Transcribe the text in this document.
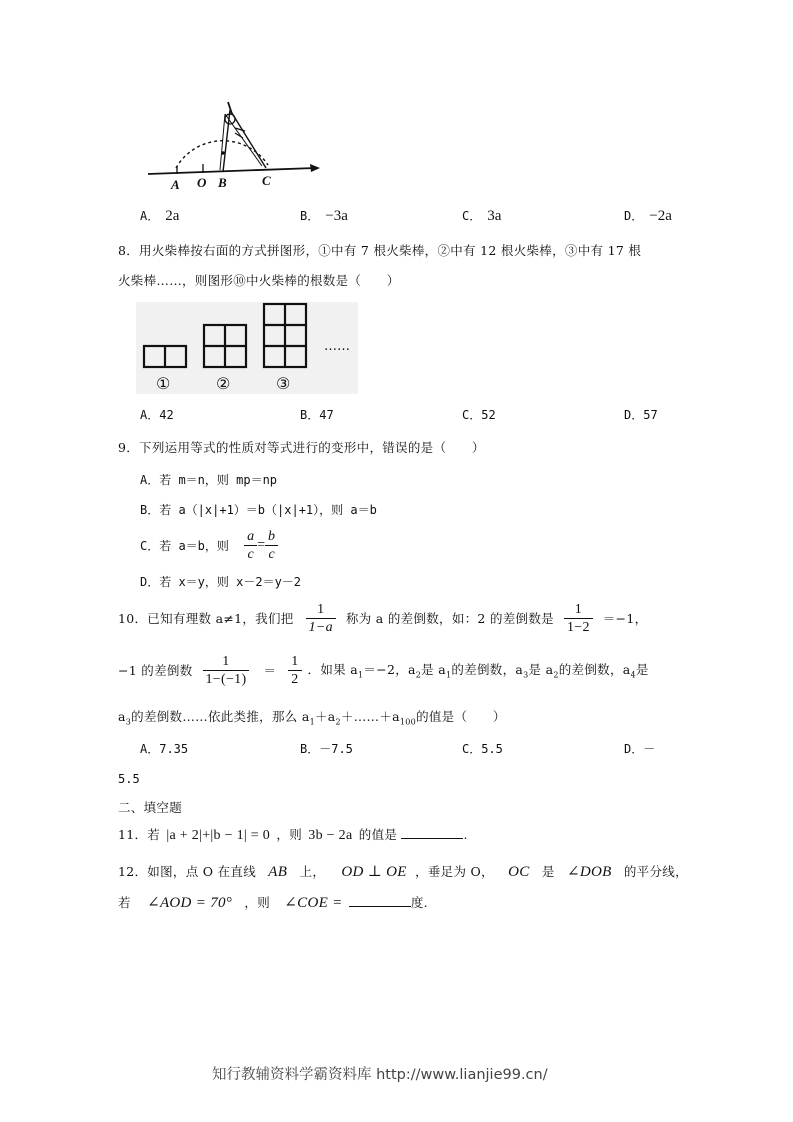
A O B	C
A． 2a	B． −3a	C． 3a	D． −2a
8．用火柴棒按右面的方式拼图形，①中有 7 根火柴棒，②中有 12 根火柴棒，③中有 17 根
火柴棒……，则图形⑩中火柴棒的根数是（　　）
……
①	②	③
A．42	B．47	C．52	D．57
9．下列运用等式的性质对等式进行的变形中，错误的是（　　）
A．若 m＝n，则 mp＝np
B．若 a（|x|+1）＝b（|x|+1），则 a＝b
C．若 a＝b，则 $\frac{a}{c} = \frac{b}{c}$
D．若 x＝y，则 x－2＝y－2
10．已知有理数 a≠1，我们把 $\frac{1}{1-a}$ 称为 a 的差倒数，如：2 的差倒数是 $\frac{1}{1-2} =-1$，
−1 的差倒数 $\frac{1}{1-(-1)} = \frac{1}{2}$ ．如果 $a_1=-2$，$a_2$是 $a_1$的差倒数，$a_3$是 $a_2$的差倒数，$a_4$是
$a_3$的差倒数……依此类推，那么 $a_1+a_2+\dots\dots+a_{100}$的值是（　　）
A．7.35	B．－7.5	C．5.5	D．－
5.5
二、填空题
11．若 |a + 2|+|b − 1| = 0 ，则 3b − 2a 的值是	.
12．如图，点 O 在直线 AB 上， OD ⊥ OE ，垂足为 O， OC 是 ∠DOB 的平分线，
若 ∠AOD = 70° ，则 ∠COE =	度.
知行教辅资料学霸资料库 http://www.lianjie99.cn/
